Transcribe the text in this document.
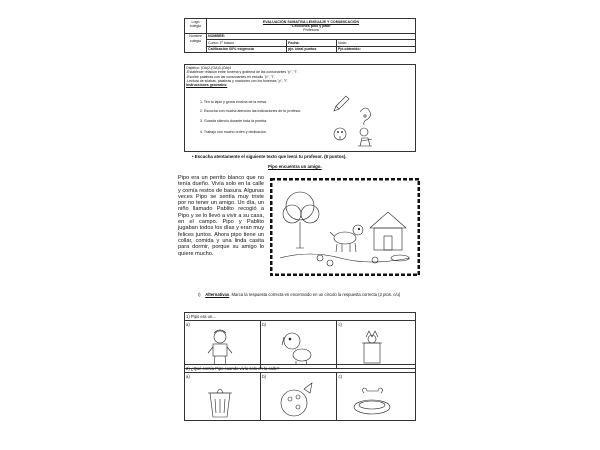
Logo colegio	EVALUACIÓN SUMATIVA LENGUAJE Y COMUNICACIÓN
"Lecciones pino y pato"
Profesora		

Nombre colegio	NOMBRE:		
	Curso: 1º básico	Fecha:	Nota:
	Calificación 60% exigencia	pje. ideal puntos	Pje.obtenido:
Objetivo: (OA)2-(OA)3-(OA)4
-Establecer relación entre fonema y grafema de las consonantes "p", "l".
-Escribir palabras con las consonantes en estudio "p", "l".
-Lectura de sílabas, palabras y oraciones con los fonemas "p", "l".
Instrucciones generales:
1. Ten tu lápiz y goma encima de la mesa.
2. Escucha con mucha atención las indicaciones de tu profesor.
3. Guarda silencio durante toda la prueba.
4. Trabajo con mucho orden y dedicación.
• Escucha atentamente el siguiente texto que leerá tu profesor. (8 puntos).
Pipo encuentra un amigo.
Pipo era un perrito blanco que no tenía dueño. Vivía solo en la calle y comía restos de basura. Algunas veces Pipo se sentía muy triste por no tener un amigo. Un día, un niño llamado Pablito recogió a Pipo y se lo llevó a vivir a su casa, en el campo. Pipo y Pablito jugaban todos los días y eran muy felices juntos. Ahora pipo tiene un collar, comida y una linda casita para dormir, porque su amigo lo quiere mucho.
I) Alternativas. Marca la respuesta correcta en encerrando en un círculo la respuesta correcta (2 ptos. c/u)
1) Pipo era un…
a)	b)	c)
2) ¿Qué comía Pipo cuando vivía solo en la calle?
a)	b)	c)
